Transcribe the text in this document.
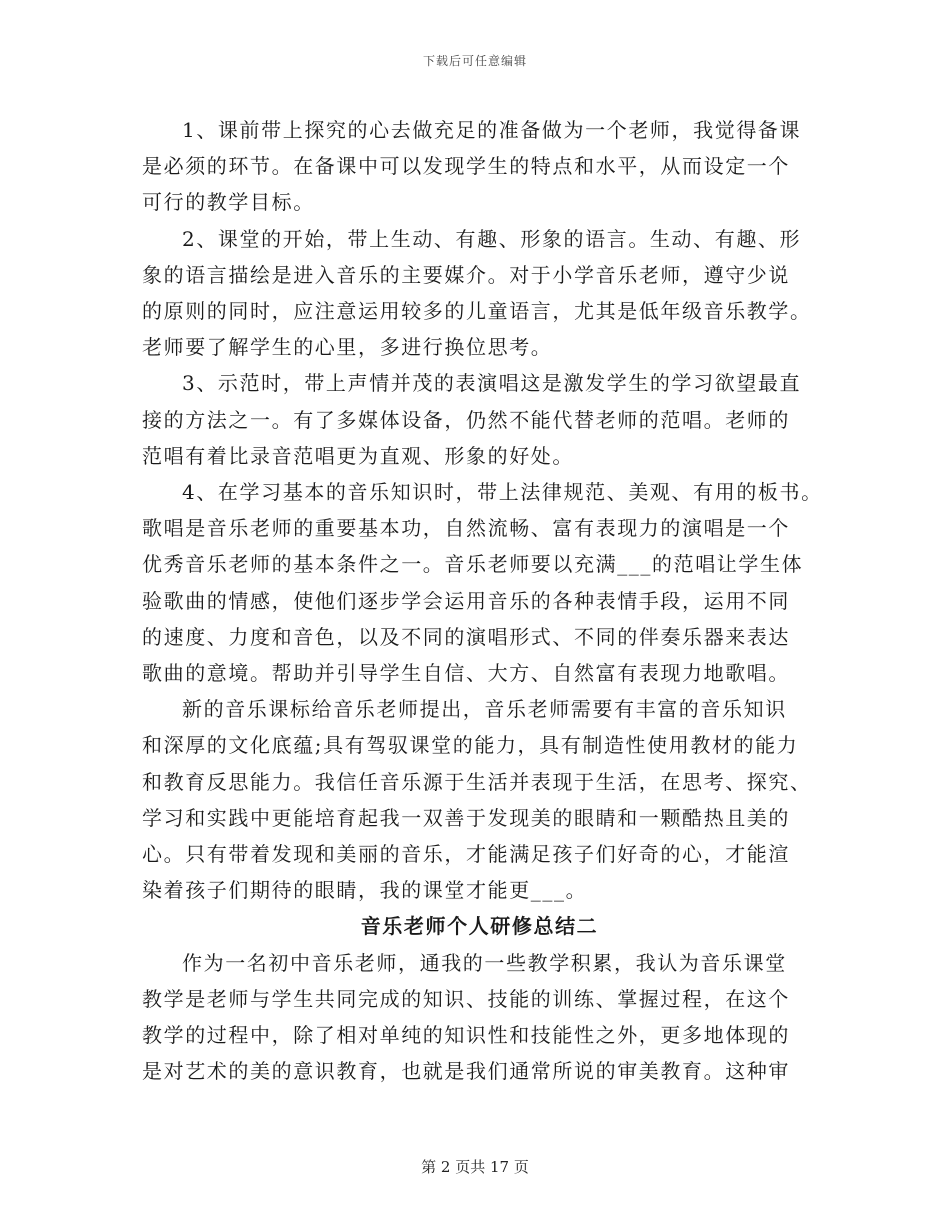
下载后可任意编辑

1、课前带上探究的心去做充足的准备做为一个老师，我觉得备课
是必须的环节。在备课中可以发现学生的特点和水平，从而设定一个
可行的教学目标。

2、课堂的开始，带上生动、有趣、形象的语言。生动、有趣、形
象的语言描绘是进入音乐的主要媒介。对于小学音乐老师，遵守少说
的原则的同时，应注意运用较多的儿童语言，尤其是低年级音乐教学。
老师要了解学生的心里，多进行换位思考。

3、示范时，带上声情并茂的表演唱这是激发学生的学习欲望最直
接的方法之一。有了多媒体设备，仍然不能代替老师的范唱。老师的
范唱有着比录音范唱更为直观、形象的好处。

4、在学习基本的音乐知识时，带上法律规范、美观、有用的板书。
歌唱是音乐老师的重要基本功，自然流畅、富有表现力的演唱是一个
优秀音乐老师的基本条件之一。音乐老师要以充满___的范唱让学生体
验歌曲的情感，使他们逐步学会运用音乐的各种表情手段，运用不同
的速度、力度和音色，以及不同的演唱形式、不同的伴奏乐器来表达
歌曲的意境。帮助并引导学生自信、大方、自然富有表现力地歌唱。

新的音乐课标给音乐老师提出，音乐老师需要有丰富的音乐知识
和深厚的文化底蕴;具有驾驭课堂的能力，具有制造性使用教材的能力
和教育反思能力。我信任音乐源于生活并表现于生活，在思考、探究、
学习和实践中更能培育起我一双善于发现美的眼睛和一颗酷热且美的
心。只有带着发现和美丽的音乐，才能满足孩子们好奇的心，才能渲
染着孩子们期待的眼睛，我的课堂才能更___。

音乐老师个人研修总结二

作为一名初中音乐老师，通我的一些教学积累，我认为音乐课堂
教学是老师与学生共同完成的知识、技能的训练、掌握过程，在这个
教学的过程中，除了相对单纯的知识性和技能性之外，更多地体现的
是对艺术的美的意识教育，也就是我们通常所说的审美教育。这种审

第 2 页共 17 页
